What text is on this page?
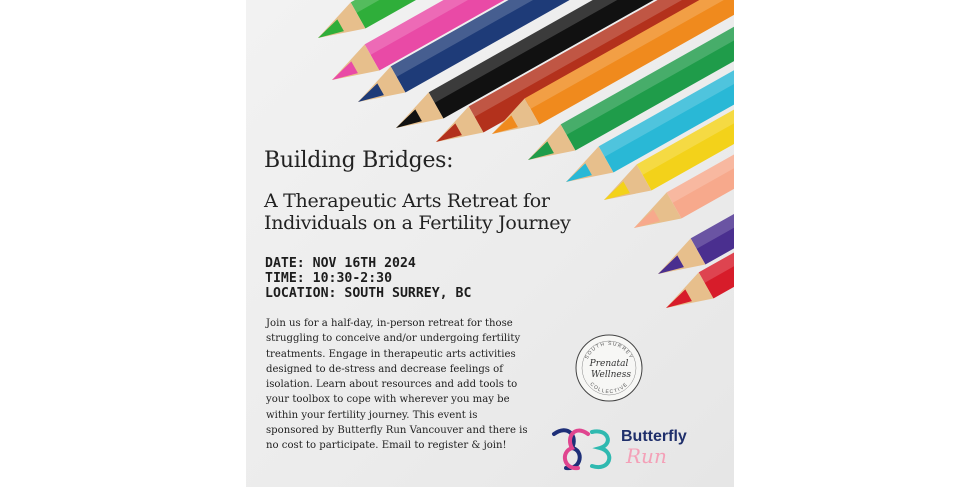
Building Bridges:
A Therapeutic Arts Retreat for Individuals on a Fertility Journey
DATE: NOV 16TH 2024
TIME: 10:30-2:30
LOCATION: SOUTH SURREY, BC
Join us for a half-day, in-person retreat for those struggling to conceive and/or undergoing fertility treatments. Engage in therapeutic arts activities designed to de-stress and decrease feelings of isolation. Learn about resources and add tools to your toolbox to cope with wherever you may be within your fertility journey. This event is sponsored by Butterfly Run Vancouver and there is no cost to participate. Email to register & join!
SOUTH SURREY
Prenatal
Wellness
COLLECTIVE
Butterfly
Run
